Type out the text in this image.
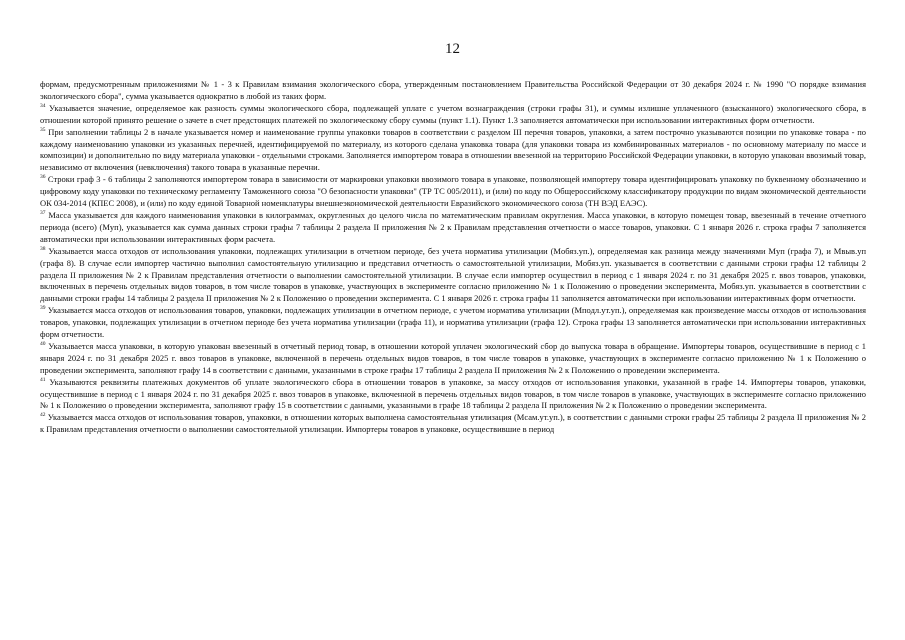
12

формам, предусмотренным приложениями № 1 - 3 к Правилам взимания экологического сбора, утвержденным постановлением Правительства Российской Федерации от 30 декабря 2024 г. № 1990 "О порядке взимания экологического сбора", сумма указывается однократно в любой из таких форм.

$^{34}$ Указывается значение, определяемое как разность суммы экологического сбора, подлежащей уплате с учетом вознаграждения (строки графы 31), и суммы излишне уплаченного (взысканного) экологического сбора, в отношении которой принято решение о зачете в счет предстоящих платежей по экологическому сбору суммы (пункт 1.1). Пункт 1.3 заполняется автоматически при использовании интерактивных форм отчетности.

$^{35}$ При заполнении таблицы 2 в начале указывается номер и наименование группы упаковки товаров в соответствии с разделом III перечня товаров, упаковки, а затем построчно указываются позиции по упаковке товара - по каждому наименованию упаковки из указанных перечней, идентифицируемой по материалу, из которого сделана упаковка товара (для упаковки товара из комбинированных материалов - по основному материалу по массе и композиции) и дополнительно по виду материала упаковки - отдельными строками. Заполняется импортером товара в отношении ввезенной на территорию Российской Федерации упаковки, в которую упакован ввозимый товар, независимо от включения (невключения) такого товара в указанные перечни.

$^{36}$ Строки граф 3 - 6 таблицы 2 заполняются импортером товара в зависимости от маркировки упаковки ввозимого товара в упаковке, позволяющей импортеру товара идентифицировать упаковку по буквенному обозначению и цифровому коду упаковки по техническому регламенту Таможенного союза "О безопасности упаковки" (ТР ТС 005/2011), и (или) по коду по Общероссийскому классификатору продукции по видам экономической деятельности ОК 034-2014 (КПЕС 2008), и (или) по коду единой Товарной номенклатуры внешнеэкономической деятельности Евразийского экономического союза (ТН ВЭД ЕАЭС).

$^{37}$ Масса указывается для каждого наименования упаковки в килограммах, округленных до целого числа по математическим правилам округления. Масса упаковки, в которую помещен товар, ввезенный в течение отчетного периода (всего) (Mуп), указывается как сумма данных строки графы 7 таблицы 2 раздела II приложения № 2 к Правилам представления отчетности о массе товаров, упаковки. С 1 января 2026 г. строка графы 7 заполняется автоматически при использовании интерактивных форм расчета.

$^{38}$ Указывается масса отходов от использования упаковки, подлежащих утилизации в отчетном периоде, без учета норматива утилизации (Mобяз.уп.), определяемая как разница между значениями Mуп (графа 7), и Mвыв.уп (графа 8). В случае если импортер частично выполнил самостоятельную утилизацию и представил отчетность о самостоятельной утилизации, Mобяз.уп. указывается в соответствии с данными строки графы 12 таблицы 2 раздела II приложения № 2 к Правилам представления отчетности о выполнении самостоятельной утилизации. В случае если импортер осуществил в период с 1 января 2024 г. по 31 декабря 2025 г. ввоз товаров, упаковки, включенных в перечень отдельных видов товаров, в том числе товаров в упаковке, участвующих в эксперименте согласно приложению № 1 к Положению о проведении эксперимента, Mобяз.уп. указывается в соответствии с данными строки графы 14 таблицы 2 раздела II приложения № 2 к Положению о проведении эксперимента. С 1 января 2026 г. строка графы 11 заполняется автоматически при использовании интерактивных форм отчетности.

$^{39}$ Указывается масса отходов от использования товаров, упаковки, подлежащих утилизации в отчетном периоде, с учетом норматива утилизации (Mподл.ут.уп.), определяемая как произведение массы отходов от использования товаров, упаковки, подлежащих утилизации в отчетном периоде без учета норматива утилизации (графа 11), и норматива утилизации (графа 12). Строка графы 13 заполняется автоматически при использовании интерактивных форм отчетности.

$^{40}$ Указывается масса упаковки, в которую упакован ввезенный в отчетный период товар, в отношении которой уплачен экологический сбор до выпуска товара в обращение. Импортеры товаров, осуществившие в период с 1 января 2024 г. по 31 декабря 2025 г. ввоз товаров в упаковке, включенной в перечень отдельных видов товаров, в том числе товаров в упаковке, участвующих в эксперименте согласно приложению № 1 к Положению о проведении эксперимента, заполняют графу 14 в соответствии с данными, указанными в строке графы 17 таблицы 2 раздела II приложения № 2 к Положению о проведении эксперимента.

$^{41}$ Указываются реквизиты платежных документов об уплате экологического сбора в отношении товаров в упаковке, за массу отходов от использования упаковки, указанной в графе 14. Импортеры товаров, упаковки, осуществившие в период с 1 января 2024 г. по 31 декабря 2025 г. ввоз товаров в упаковке, включенной в перечень отдельных видов товаров, в том числе товаров в упаковке, участвующих в эксперименте согласно приложению № 1 к Положению о проведении эксперимента, заполняют графу 15 в соответствии с данными, указанными в графе 18 таблицы 2 раздела II приложения № 2 к Положению о проведении эксперимента.

$^{42}$ Указывается масса отходов от использования товаров, упаковки, в отношении которых выполнена самостоятельная утилизация (Mсам.ут.уп.), в соответствии с данными строки графы 25 таблицы 2 раздела II приложения № 2 к Правилам представления отчетности о выполнении самостоятельной утилизации. Импортеры товаров в упаковке, осуществившие в период
